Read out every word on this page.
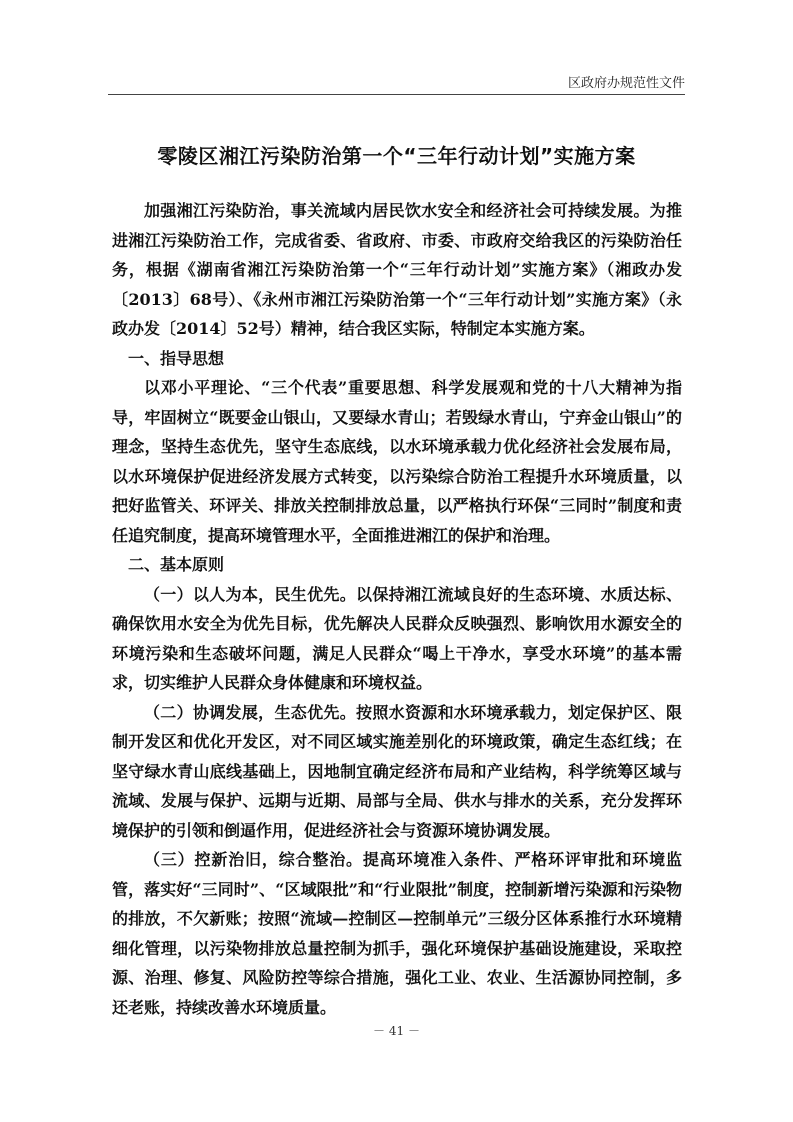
区政府办规范性文件
零陵区湘江污染防治第一个“三年行动计划”实施方案

加强湘江污染防治，事关流域内居民饮水安全和经济社会可持续发展。为推进湘江污染防治工作，完成省委、省政府、市委、市政府交给我区的污染防治任务，根据《湖南省湘江污染防治第一个“三年行动计划”实施方案》（湘政办发〔2013〕68号）、《永州市湘江污染防治第一个“三年行动计划”实施方案》（永政办发〔2014〕52号）精神，结合我区实际，特制定本实施方案。

一、指导思想

以邓小平理论、“三个代表”重要思想、科学发展观和党的十八大精神为指导，牢固树立“既要金山银山，又要绿水青山；若毁绿水青山，宁弃金山银山”的理念，坚持生态优先，坚守生态底线，以水环境承载力优化经济社会发展布局，以水环境保护促进经济发展方式转变，以污染综合防治工程提升水环境质量，以把好监管关、环评关、排放关控制排放总量，以严格执行环保“三同时”制度和责任追究制度，提高环境管理水平，全面推进湘江的保护和治理。

二、基本原则

（一）以人为本，民生优先。以保持湘江流域良好的生态环境、水质达标、确保饮用水安全为优先目标，优先解决人民群众反映强烈、影响饮用水源安全的环境污染和生态破坏问题，满足人民群众“喝上干净水，享受水环境”的基本需求，切实维护人民群众身体健康和环境权益。

（二）协调发展，生态优先。按照水资源和水环境承载力，划定保护区、限制开发区和优化开发区，对不同区域实施差别化的环境政策，确定生态红线；在坚守绿水青山底线基础上，因地制宜确定经济布局和产业结构，科学统筹区域与流域、发展与保护、远期与近期、局部与全局、供水与排水的关系，充分发挥环境保护的引领和倒逼作用，促进经济社会与资源环境协调发展。

（三）控新治旧，综合整治。提高环境准入条件、严格环评审批和环境监管，落实好“三同时”、“区域限批”和“行业限批”制度，控制新增污染源和污染物的排放，不欠新账；按照“流域—控制区—控制单元”三级分区体系推行水环境精细化管理，以污染物排放总量控制为抓手，强化环境保护基础设施建设，采取控源、治理、修复、风险防控等综合措施，强化工业、农业、生活源协同控制，多还老账，持续改善水环境质量。

－ 41 －
